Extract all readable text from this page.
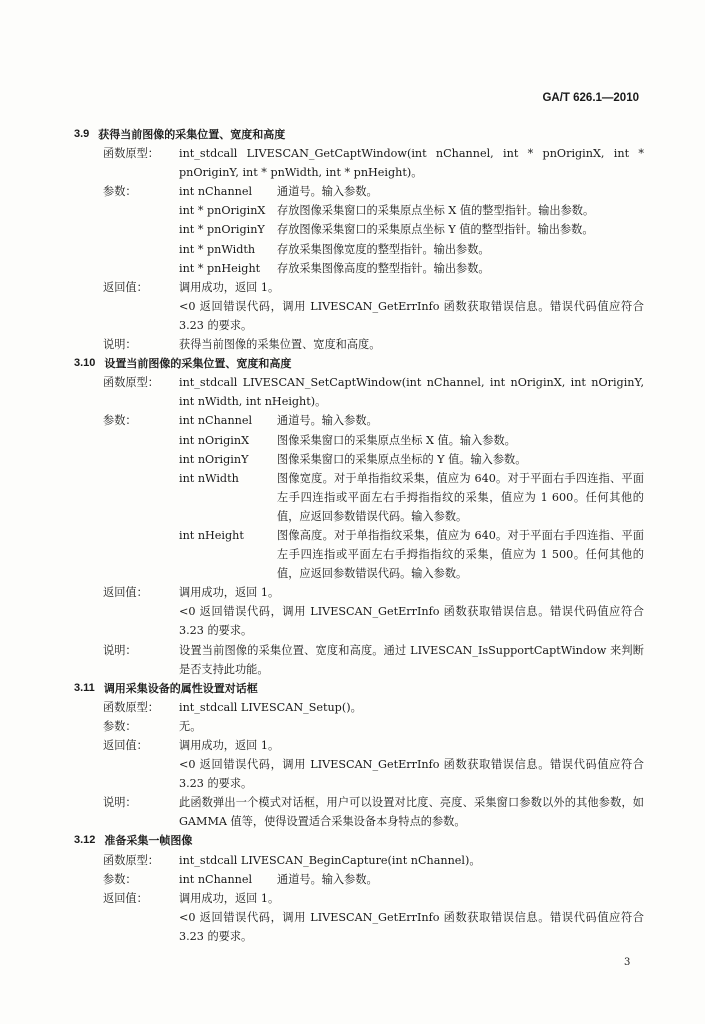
GA/T 626.1—2010
3.9 获得当前图像的采集位置、宽度和高度
函数原型：	int_stdcall LIVESCAN_GetCaptWindow(int nChannel, int * pnOriginX, int * pnOriginY, int * pnWidth, int * pnHeight)。
参数：	int nChannel	通道号。输入参数。
int * pnOriginX	存放图像采集窗口的采集原点坐标 X 值的整型指针。输出参数。
int * pnOriginY	存放图像采集窗口的采集原点坐标 Y 值的整型指针。输出参数。
int * pnWidth	存放采集图像宽度的整型指针。输出参数。
int * pnHeight	存放采集图像高度的整型指针。输出参数。
返回值：	调用成功，返回 1。
<0 返回错误代码，调用 LIVESCAN_GetErrInfo 函数获取错误信息。错误代码值应符合 3.23 的要求。
说明：	获得当前图像的采集位置、宽度和高度。
3.10 设置当前图像的采集位置、宽度和高度
函数原型：	int_stdcall LIVESCAN_SetCaptWindow(int nChannel, int nOriginX, int nOriginY, int nWidth, int nHeight)。
参数：	int nChannel	通道号。输入参数。
int nOriginX	图像采集窗口的采集原点坐标 X 值。输入参数。
int nOriginY	图像采集窗口的采集原点坐标的 Y 值。输入参数。
int nWidth	图像宽度。对于单指指纹采集，值应为 640。对于平面右手四连指、平面左手四连指或平面左右手拇指指纹的采集，值应为 1 600。任何其他的值，应返回参数错误代码。输入参数。
int nHeight	图像高度。对于单指指纹采集，值应为 640。对于平面右手四连指、平面左手四连指或平面左右手拇指指纹的采集，值应为 1 500。任何其他的值，应返回参数错误代码。输入参数。
返回值：	调用成功，返回 1。
<0 返回错误代码，调用 LIVESCAN_GetErrInfo 函数获取错误信息。错误代码值应符合 3.23 的要求。
说明：	设置当前图像的采集位置、宽度和高度。通过 LIVESCAN_IsSupportCaptWindow 来判断是否支持此功能。
3.11 调用采集设备的属性设置对话框
函数原型：	int_stdcall LIVESCAN_Setup()。
参数：	无。
返回值：	调用成功，返回 1。
<0 返回错误代码，调用 LIVESCAN_GetErrInfo 函数获取错误信息。错误代码值应符合 3.23 的要求。
说明：	此函数弹出一个模式对话框，用户可以设置对比度、亮度、采集窗口参数以外的其他参数，如 GAMMA 值等，使得设置适合采集设备本身特点的参数。
3.12 准备采集一帧图像
函数原型：	int_stdcall LIVESCAN_BeginCapture(int nChannel)。
参数：	int nChannel	通道号。输入参数。
返回值：	调用成功，返回 1。
<0 返回错误代码，调用 LIVESCAN_GetErrInfo 函数获取错误信息。错误代码值应符合 3.23 的要求。
3
